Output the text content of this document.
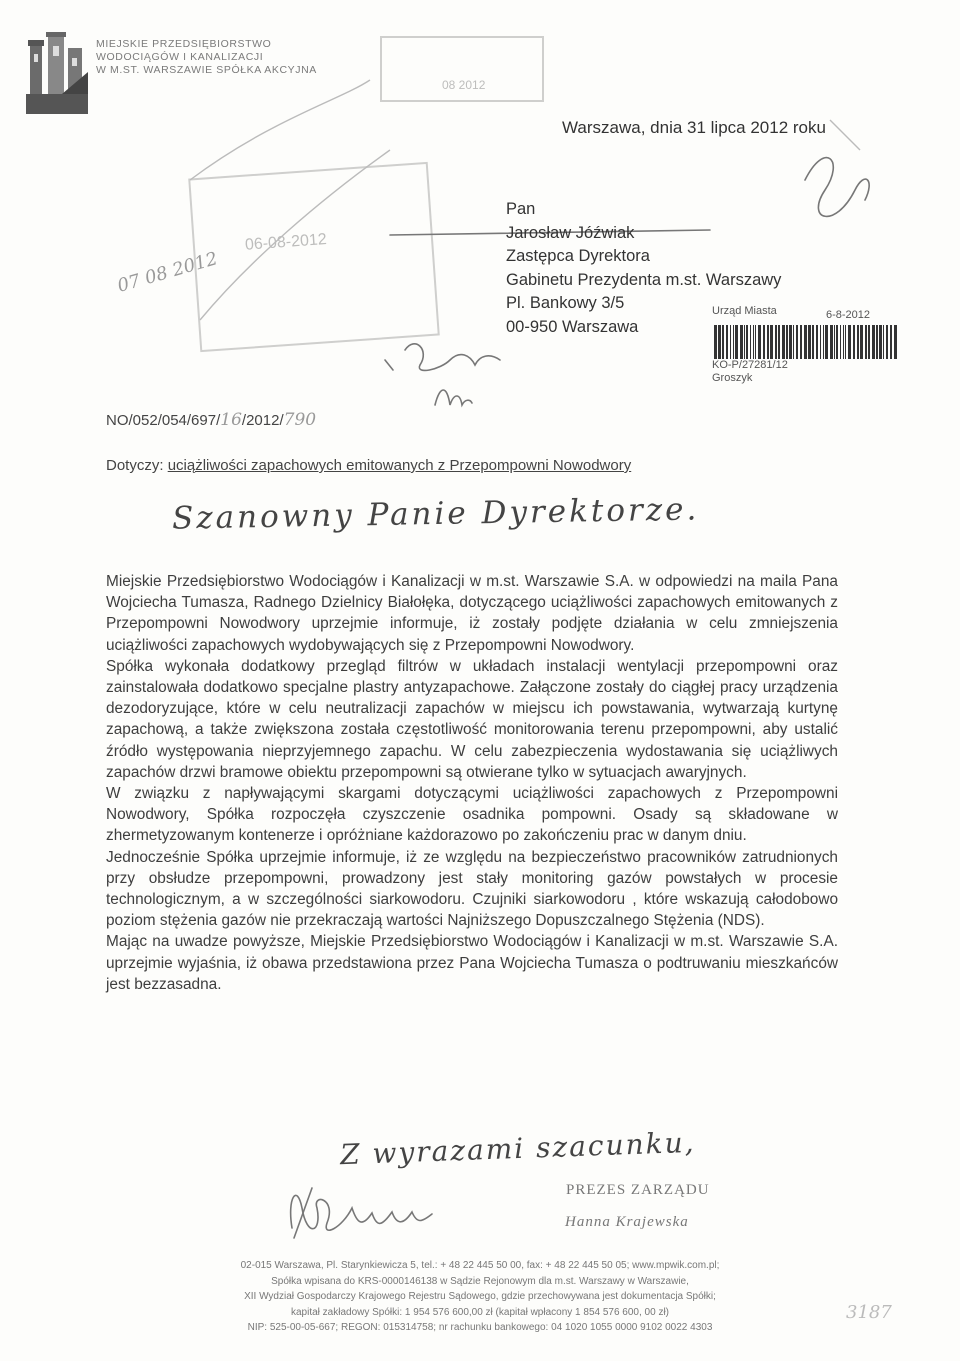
MIEJSKIE PRZEDSIĘBIORSTWO
WODOCIĄGÓW I KANALIZACJI
W M.ST. WARSZAWIE SPÓŁKA AKCYJNA
08 2012
06-08-2012
07 08 2012
Warszawa, dnia 31 lipca 2012 roku
Pan
Jarosław Jóźwiak
Zastępca Dyrektora
Gabinetu Prezydenta m.st. Warszawy
Pl. Bankowy 3/5
00-950 Warszawa
Urząd Miasta	6-8-2012
KO-P/27281/12
Groszyk
NO/052/054/697/16/2012/790
Dotyczy: uciążliwości zapachowych emitowanych z Przepompowni Nowodwory
Szanowny Panie Dyrektorze.

Miejskie Przedsiębiorstwo Wodociągów i Kanalizacji w m.st. Warszawie S.A. w odpowiedzi na maila Pana Wojciecha Tumasza, Radnego Dzielnicy Białołęka, dotyczącego uciążliwości zapachowych emitowanych z Przepompowni Nowodwory uprzejmie informuje, iż zostały podjęte działania w celu zmniejszenia uciążliwości zapachowych wydobywających się z Przepompowni Nowodwory.

Spółka wykonała dodatkowy przegląd filtrów w układach instalacji wentylacji przepompowni oraz zainstalowała dodatkowo specjalne plastry antyzapachowe. Załączone zostały do ciągłej pracy urządzenia dezodoryzujące, które w celu neutralizacji zapachów w miejscu ich powstawania, wytwarzają kurtynę zapachową, a także zwiększona została częstotliwość monitorowania terenu przepompowni, aby ustalić źródło występowania nieprzyjemnego zapachu. W celu zabezpieczenia wydostawania się uciążliwych zapachów drzwi bramowe obiektu przepompowni są otwierane tylko w sytuacjach awaryjnych.

W związku z napływającymi skargami dotyczącymi uciążliwości zapachowych z Przepompowni Nowodwory, Spółka rozpoczęła czyszczenie osadnika pompowni. Osady są składowane w zhermetyzowanym kontenerze i opróżniane każdorazowo po zakończeniu prac w danym dniu.

Jednocześnie Spółka uprzejmie informuje, iż ze względu na bezpieczeństwo pracowników zatrudnionych przy obsłudze przepompowni, prowadzony jest stały monitoring gazów powstałych w procesie technologicznym, a w szczególności siarkowodoru. Czujniki siarkowodoru , które wskazują całodobowo poziom stężenia gazów nie przekraczają wartości Najniższego Dopuszczalnego Stężenia (NDS).

Mając na uwadze powyższe, Miejskie Przedsiębiorstwo Wodociągów i Kanalizacji w m.st. Warszawie S.A. uprzejmie wyjaśnia, iż obawa przedstawiona przez Pana Wojciecha Tumasza o podtruwaniu mieszkańców jest bezzasadna.

Z wyrazami szacunku,
PREZES ZARZĄDU
Hanna Krajewska
02-015 Warszawa, Pl. Starynkiewicza 5, tel.: + 48 22 445 50 00, fax: + 48 22 445 50 05; www.mpwik.com.pl;
Spółka wpisana do KRS-0000146138 w Sądzie Rejonowym dla m.st. Warszawy w Warszawie,
XII Wydział Gospodarczy Krajowego Rejestru Sądowego, gdzie przechowywana jest dokumentacja Spółki;
kapitał zakładowy Spółki: 1 954 576 600,00 zł (kapitał wpłacony 1 854 576 600, 00 zł)
NIP: 525-00-05-667; REGON: 015314758; nr rachunku bankowego: 04 1020 1055 0000 9102 0022 4303
3187
